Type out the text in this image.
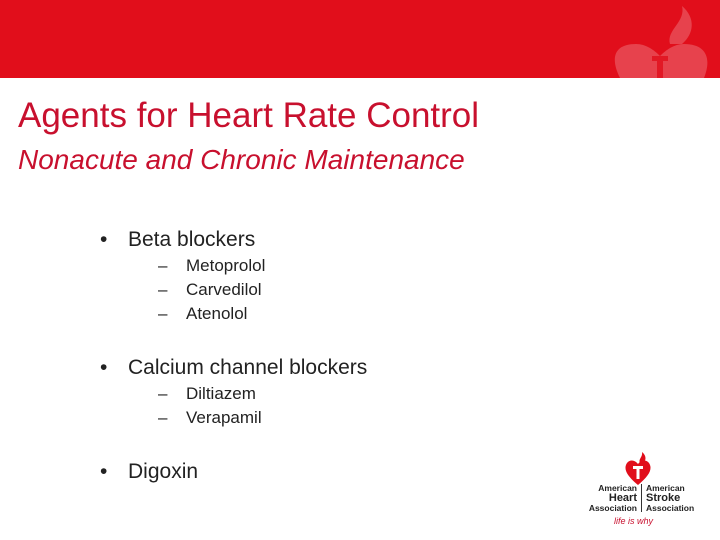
Agents for Heart Rate Control
Nonacute and Chronic Maintenance
• Beta blockers
– Metoprolol
– Carvedilol
– Atenolol
• Calcium channel blockers
– Diltiazem
– Verapamil
• Digoxin
American
Heart
Association
American
Stroke
Association
life is why
